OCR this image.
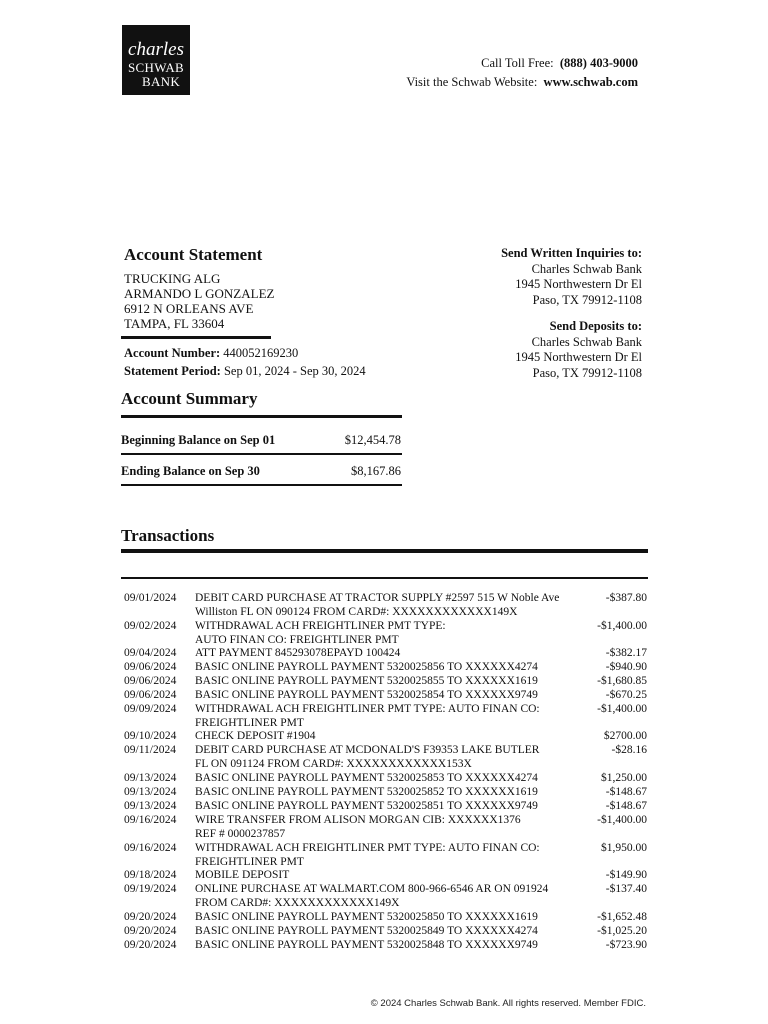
charles
SCHWAB
BANK
Call Toll Free: (888) 403-9000
Visit the Schwab Website: www.schwab.com
Account Statement
TRUCKING ALG
ARMANDO L GONZALEZ
6912 N ORLEANS AVE
TAMPA, FL 33604
Account Number: 440052169230
Statement Period: Sep 01, 2024 - Sep 30, 2024
Send Written Inquiries to:
Charles Schwab Bank
1945 Northwestern Dr El
Paso, TX 79912-1108
Send Deposits to:
Charles Schwab Bank
1945 Northwestern Dr El
Paso, TX 79912-1108
Account Summary
Beginning Balance on Sep 01	$12,454.78
Ending Balance on Sep 30	$8,167.86
Transactions
09/01/2024 DEBIT CARD PURCHASE AT TRACTOR SUPPLY #2597 515 W Noble Ave
Williston FL ON 090124 FROM CARD#: XXXXXXXXXXXX149X
-$387.80
09/02/2024 WITHDRAWAL ACH FREIGHTLINER PMT TYPE:
AUTO FINAN CO: FREIGHTLINER PMT
-$1,400.00
09/04/2024 ATT PAYMENT 845293078EPAYD 100424	-$382.17
09/06/2024 BASIC ONLINE PAYROLL PAYMENT 5320025856 TO XXXXXX4274	-$940.90
09/06/2024 BASIC ONLINE PAYROLL PAYMENT 5320025855 TO XXXXXX1619	-$1,680.85
09/06/2024 BASIC ONLINE PAYROLL PAYMENT 5320025854 TO XXXXXX9749	-$670.25
09/09/2024 WITHDRAWAL ACH FREIGHTLINER PMT TYPE: AUTO FINAN CO:
FREIGHTLINER PMT
-$1,400.00
09/10/2024 CHECK DEPOSIT #1904	$2700.00
09/11/2024 DEBIT CARD PURCHASE AT MCDONALD'S F39353 LAKE BUTLER
FL ON 091124 FROM CARD#: XXXXXXXXXXXX153X
-$28.16
09/13/2024 BASIC ONLINE PAYROLL PAYMENT 5320025853 TO XXXXXX4274	$1,250.00
09/13/2024 BASIC ONLINE PAYROLL PAYMENT 5320025852 TO XXXXXX1619	-$148.67
09/13/2024 BASIC ONLINE PAYROLL PAYMENT 5320025851 TO XXXXXX9749	-$148.67
09/16/2024 WIRE TRANSFER FROM ALISON MORGAN CIB: XXXXXX1376
REF # 0000237857
-$1,400.00
09/16/2024 WITHDRAWAL ACH FREIGHTLINER PMT TYPE: AUTO FINAN CO:
FREIGHTLINER PMT
$1,950.00
09/18/2024 MOBILE DEPOSIT	-$149.90
09/19/2024 ONLINE PURCHASE AT WALMART.COM 800-966-6546 AR ON 091924
FROM CARD#: XXXXXXXXXXXX149X
-$137.40
09/20/2024 BASIC ONLINE PAYROLL PAYMENT 5320025850 TO XXXXXX1619	-$1,652.48
09/20/2024 BASIC ONLINE PAYROLL PAYMENT 5320025849 TO XXXXXX4274	-$1,025.20
09/20/2024 BASIC ONLINE PAYROLL PAYMENT 5320025848 TO XXXXXX9749	-$723.90
© 2024 Charles Schwab Bank. All rights reserved. Member FDIC.
